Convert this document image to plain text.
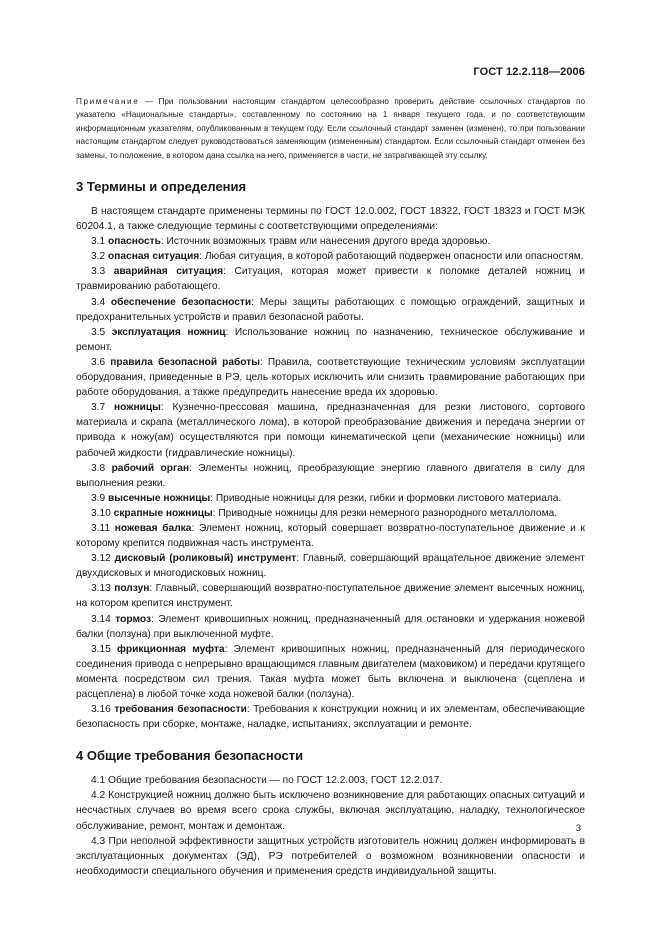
ГОСТ 12.2.118—2006

Примечание — При пользовании настоящим стандартом целесообразно проверить действие ссылочных стандартов по указателю «Национальные стандарты», составленному по состоянию на 1 января текущего года, и по соответствующим информационным указателям, опубликованным в текущем году. Если ссылочный стандарт заменен (изменен), то при пользовании настоящим стандартом следует руководствоваться заменяющим (измененным) стандартом. Если ссылочный стандарт отменен без замены, то положение, в котором дана ссылка на него, применяется в части, не затрагивающей эту ссылку.

3 Термины и определения

В настоящем стандарте применены термины по ГОСТ 12.0.002, ГОСТ 18322, ГОСТ 18323 и ГОСТ МЭК 60204.1, а также следующие термины с соответствующими определениями:

3.1 опасность: Источник возможных травм или нанесения другого вреда здоровью.

3.2 опасная ситуация: Любая ситуация, в которой работающий подвержен опасности или опасностям.

3.3 аварийная ситуация: Ситуация, которая может привести к поломке деталей ножниц и травмированию работающего.

3.4 обеспечение безопасности: Меры защиты работающих с помощью ограждений, защитных и предохранительных устройств и правил безопасной работы.

3.5 эксплуатация ножниц: Использование ножниц по назначению, техническое обслуживание и ремонт.

3.6 правила безопасной работы: Правила, соответствующие техническим условиям эксплуатации оборудования, приведенные в РЭ, цель которых исключить или снизить травмирование работающих при работе оборудования, а также предупредить нанесение вреда их здоровью.

3.7 ножницы: Кузнечно-прессовая машина, предназначенная для резки листового, сортового материала и скрапа (металлического лома), в которой преобразование движения и передача энергии от привода к ножу(ам) осуществляются при помощи кинематической цепи (механические ножницы) или рабочей жидкости (гидравлические ножницы).

3.8 рабочий орган: Элементы ножниц, преобразующие энергию главного двигателя в силу для выполнения резки.

3.9 высечные ножницы: Приводные ножницы для резки, гибки и формовки листового материала.

3.10 скрапные ножницы: Приводные ножницы для резки немерного разнородного металлолома.

3.11 ножевая балка: Элемент ножниц, который совершает возвратно-поступательное движение и к которому крепится подвижная часть инструмента.

3.12 дисковый (роликовый) инструмент: Главный, совершающий вращательное движение элемент двухдисковых и многодисковых ножниц.

3.13 ползун: Главный, совершающий возвратно-поступательное движение элемент высечных ножниц, на котором крепится инструмент.

3.14 тормоз: Элемент кривошипных ножниц, предназначенный для остановки и удержания ножевой балки (ползуна) при выключенной муфте.

3.15 фрикционная муфта: Элемент кривошипных ножниц, предназначенный для периодического соединения привода с непрерывно вращающимся главным двигателем (маховиком) и передачи крутящего момента посредством сил трения. Такая муфта может быть включена и выключена (сцеплена и расцеплена) в любой точке хода ножевой балки (ползуна).

3.16 требования безопасности: Требования к конструкции ножниц и их элементам, обеспечивающие безопасность при сборке, монтаже, наладке, испытаниях, эксплуатации и ремонте.

4 Общие требования безопасности

4.1 Общие требования безопасности — по ГОСТ 12.2.003, ГОСТ 12.2.017.

4.2 Конструкцией ножниц должно быть исключено возникновение для работающих опасных ситуаций и несчастных случаев во время всего срока службы, включая эксплуатацию, наладку, технологическое обслуживание, ремонт, монтаж и демонтаж.

4.3 При неполной эффективности защитных устройств изготовитель ножниц должен информировать в эксплуатационных документах (ЭД), РЭ потребителей о возможном возникновении опасности и необходимости специального обучения и применения средств индивидуальной защиты.

3
